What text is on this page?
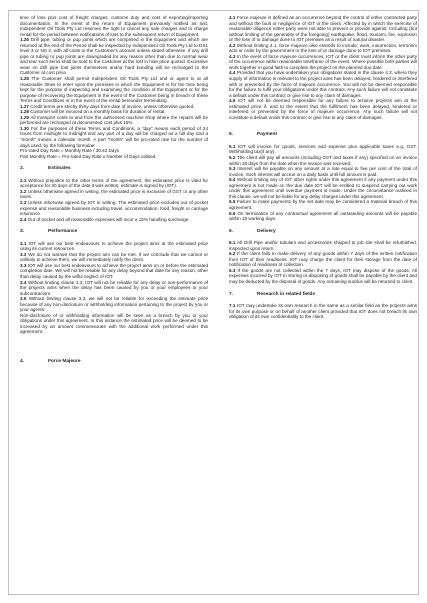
time of loss plus cost of freight charges, customs duty and cost of exporting/importing documentation. In the event of the return of Equipment previously notified as lost, Independent Oil Tools Pty Ltd reserves the right to cancel any sale charges and to charge rental for the period between notifications of loss to the subsequent return of Equipment.

1.25 Drill pipe, tubing or pup joints which are comprised in the Equipment and which are returned at the end of the Period shall be inspected by Independent Oil Tools Pty Ltd to DS1 level 3 or NS 2, with all costs to the Customer's account unless stated otherwise. If any drill pipe or tubing or pup joints are downgraded for any reason other than due to normal wear and tear such items shall be sold to the Customer at the lost in hole price quoted. Excessive wear on drill pipe tool joints themselves and/or hard banding will be recharged to the Customer at cost price.

1.26 The Customer shall permit Independent Oil Tools Pty Ltd and or agent to at all reasonable times to enter upon the premises in which the Equipment is for the time being kept for the purpose of inspecting and examining the condition of the Equipment or for the purpose of recovering the Equipment in the event of the Customer being in breach of these Terms and Conditions or in the event of the rental hereunder terminating.

1.27 Credit terms are strictly thirty days from date of invoice, unless otherwise quoted.

1.28 Customer will be invoiced on a monthly basis for duration of rental.

1.29 All transport costs to and from the authorised machine shop where the repairs will be performed are recharged at documented cost plus 15%.

1.30 For the purposes of these Terms and Conditions, a "day" means each period of 24 hours from midnight to midnight and any part of a day will be charged as a full day and a "month" means a calendar month. A part "month" will be pro-rated rate for the number of days used, by the following formulae:

Pro-rated Day Rate = Monthly Rate / 30.42 Days

Part Monthly Rate = Pro-rated Day Rate x Number of Days utilised.

2.	Estimates

2.1 Without prejudice to the other terms of the agreement, the estimated price is valid for acceptance for 30 days of the date it was written, estimate is signed by (IOT).

2.2 Unless otherwise agreed in writing, the estimated price is exclusive of GST or any other taxes.

2.3 Unless otherwise agreed by IOT in writing. The estimated price excludes out of pocket expense and reasonable business including travel, accommodation, food, freight or carriage insurance.

2.4 Out of pocket and all reasonable expenses will incur a 15% handling surcharge.

3.	Performance

3.1 IOT will use our best endeavours to achieve the project aims at the estimated price using its current resources.

3.2 We do not warrant that the project aim can be met. If we conclude that we cannot or unlikely to achieve them, we will immediately notify the client.

3.3 IOT will use our best endeavours to achieve the project aims on or before the estimated completion date. We will not be reliable for any delay beyond that date for any reason, other than delay caused by the wilful neglect of IOT.

3.4 Without limiting clause 3.3, IOT will not be reliable for any delay or non-performance of the projects aims when the delay has been caused by you or your employees or your subcontractors.

3.5 Without limiting clause 3.3, we will not be reliable for exceeding the estimate price because of any non-disclosure or withholding information pertaining to the project by you or your agents.

Non-disclosure of or withholding information will be seen as a breach by you or your obligations under this agreement. In this instance the estimated price will be deemed to be increased by an amount commensurate with the additional work performed under this agreement.

4.	Force Majeure

4.1 Force majeure is defined as an occurrence beyond the control of either contracted party and without the fault or negligence of IOT or the client. Affected by in which the exercise of reasonable diligence either party were not able to prevent or provide against. Including (but without limiting of the generality of the foregoing) earthquake, flood, tsunami, fire, explosion or the loss of or damage done to IOT premises as a result of natural disaster.

4.2 Without limiting 4.1, force majeure also extends to include; wars, insurrection, terrorism acts or order by the government or the loss of or damage done to IOT premises.

4.3 In the event of force majeure occurrences, IOT or the client must inform the other party of the occurrence within reasonable timeframe of the event. Where possible both parties will work together in good faith to complete the project on the planned due date.

4.4 Provided that you have undertaken your obligations stated in the clause 4.3, where they supply of information is relevant to the project aims has been delayed, hindered or interfered with or prevented by the force of majeure occurrence. You will not be deemed responsible for the failure to fulfil your obligations under this contract. Any such failure will not constitute a default under this contract or give rise to any claim of damages.

4.5 IOT will not be deemed responsible for any failure to achieve projects aim at the estimated price if, and to the extent that the fulfilment has been delayed, hindered or interfered or prevented by the force of majeure occurrence. Any such failure will not constitute a default under this contract or give rise to any claim of damages.

5.	Payment

5.1 IOT will invoice for goods, services and expense plus applicable taxes e.g. GST. Withholding tax(if any).

5.2 The client will pay all amounts (including GST and taxes if any) specified on an invoice within 30 days from the date when the invoice was received.

5.3 Interest will be payable on any amount at a rate equal to five per cent of the total of invoice. Such interest will accrue on a daily basis until full amount is paid.

5.4 Without limiting any of IOT other rights under this agreement if any payment under this agreement is not made on the due date IOT will be entitled to suspend carrying out work under this agreement until overdue payment is made. Under the circumstance outlined in this clause, we will not be liable for any delay charges under this agreement.

5.5 Failure to make payments by the set date may be considered a material breach of this agreement.

5.6 On termination of any contractual agreement all outstanding amounts will be payable within 10 working days.

6.	Delivery

6.1 All Drill Pipe and/or tubulars and accessories shipped to job site shall be refurbished, inspected upon return.

6.2 If the client fails to make delivery of any goods within 7 days of the written notification from IOT of their readiness, IOT may charge the client for their storage from the date of notification of readiness of collection.

6.3 If the goods are not collected within the 7 days, IOT may dispose of the goods. All expenses incurred by IOT in storing or disposing of goods shall be payable by the client and may be deducted by the disposal of goods. Any remaining surplus will be returned to client.

7.	Research in related fields

7.1 IOT may undertake its own research in the same as a similar field as the projects aims for its own purpose or on behalf of another client provided that IOT does not breach its own obligation of its own confidentiality to the client.
